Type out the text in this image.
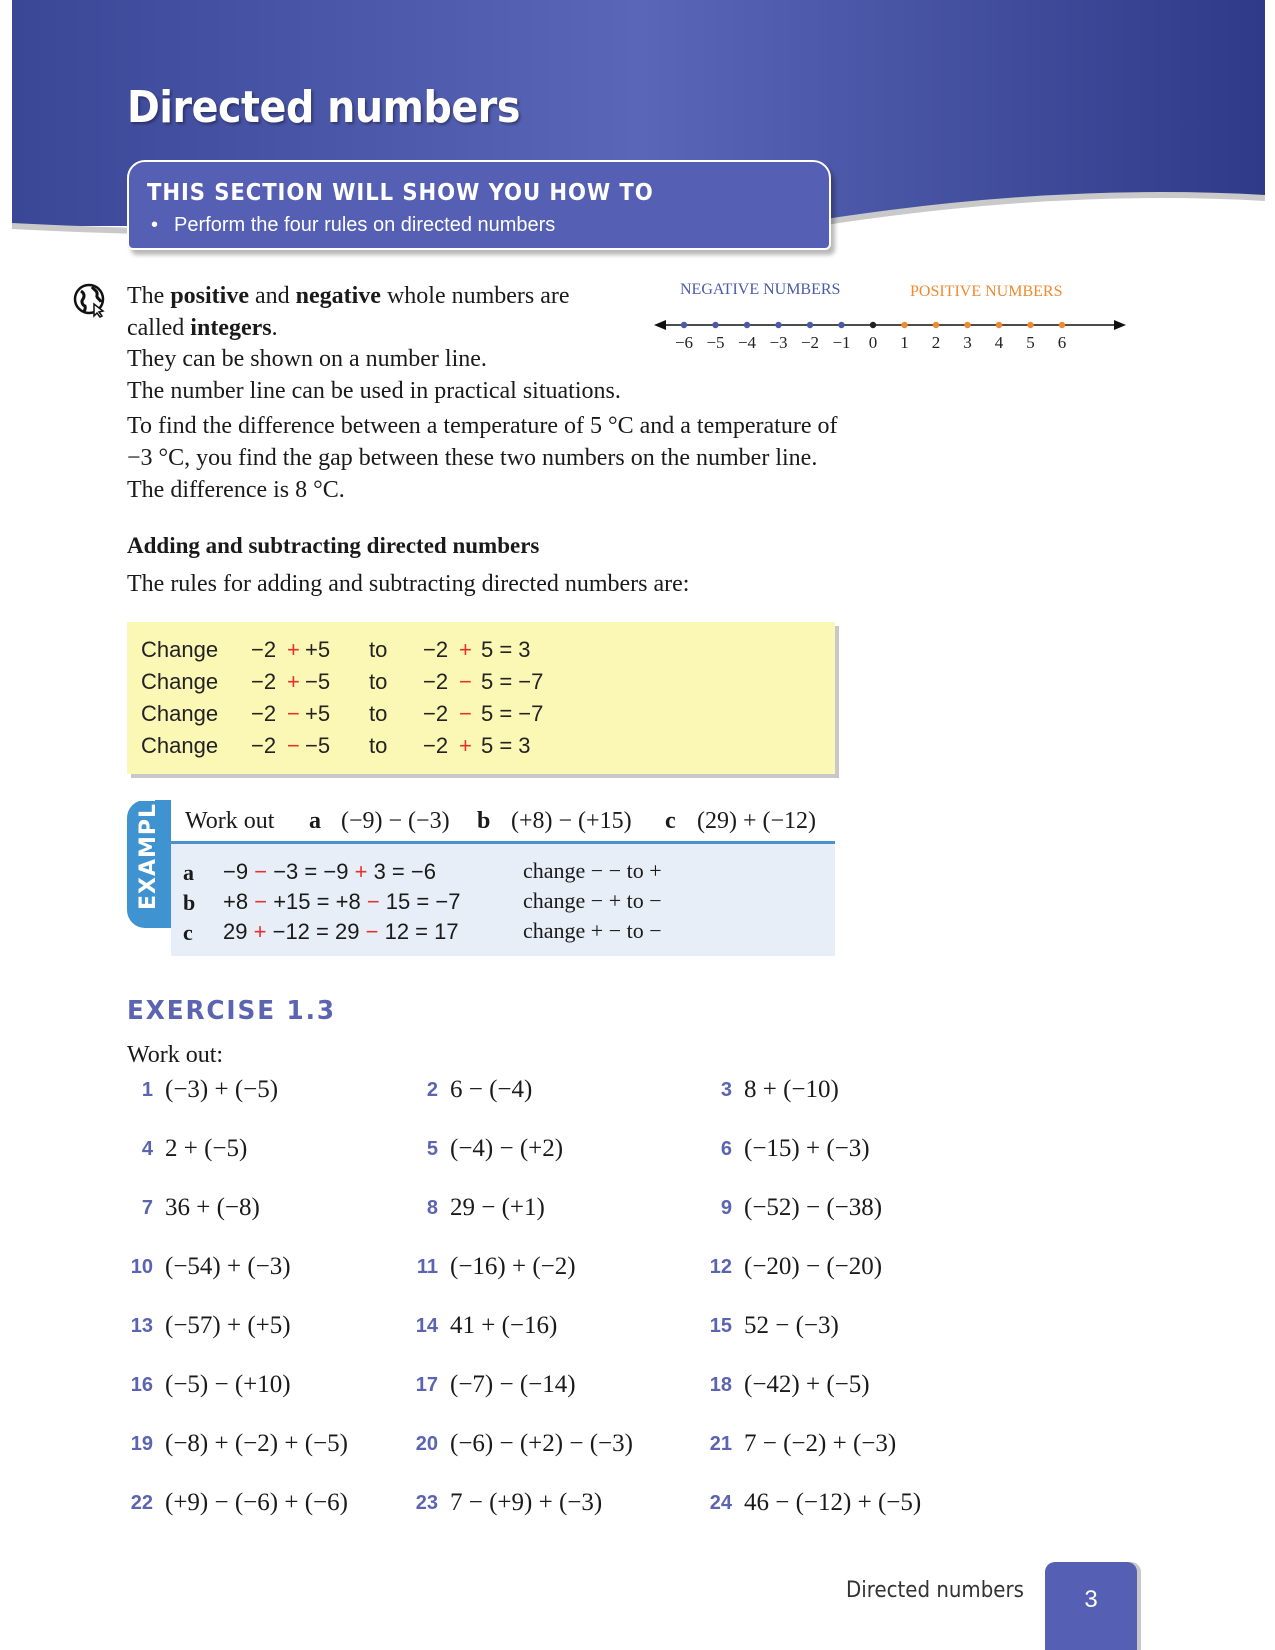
Directed numbers
THIS SECTION WILL SHOW YOU HOW TO
• Perform the four rules on directed numbers

The positive and negative whole numbers are
called integers.

They can be shown on a number line.

The number line can be used in practical situations.

To find the difference between a temperature of 5 °C and a temperature of
−3 °C, you find the gap between these two numbers on the number line.
The difference is 8 °C.

NEGATIVE NUMBERS	POSITIVE NUMBERS
−6 −5 −4 −3 −2 −1 0 1 2 3 4 5 6
Adding and subtracting directed numbers

The rules for adding and subtracting directed numbers are:

Change −2 + +5 to −2 + 5 = 3
Change −2 + −5 to −2 − 5 = −7
Change −2 − +5 to −2 − 5 = −7
Change −2 − −5 to −2 + 5 = 3
EXAMPLE Work out a (−9) − (−3) b (+8) − (+15) c (29) + (−12)
a −9 − −3 = −9 + 3 = −6	change − − to +
b +8 − +15 = +8 − 15 = −7	change − + to −
c 29 + −12 = 29 − 12 = 17	change + − to −
EXERCISE 1.3

Work out:

1 (−3) + (−5)	2 6 − (−4)	3 8 + (−10)
4 2 + (−5)	5 (−4) − (+2)	6 (−15) + (−3)
7 36 + (−8)	8 29 − (+1)	9 (−52) − (−38)
10 (−54) + (−3)	11 (−16) + (−2)	12 (−20) − (−20)
13 (−57) + (+5)	14 41 + (−16)	15 52 − (−3)
16 (−5) − (+10)	17 (−7) − (−14)	18 (−42) + (−5)
19 (−8) + (−2) + (−5)	20 (−6) − (+2) − (−3)	21 7 − (−2) + (−3)
22 (+9) − (−6) + (−6)	23 7 − (+9) + (−3)	24 46 − (−12) + (−5)
Directed numbers	3
